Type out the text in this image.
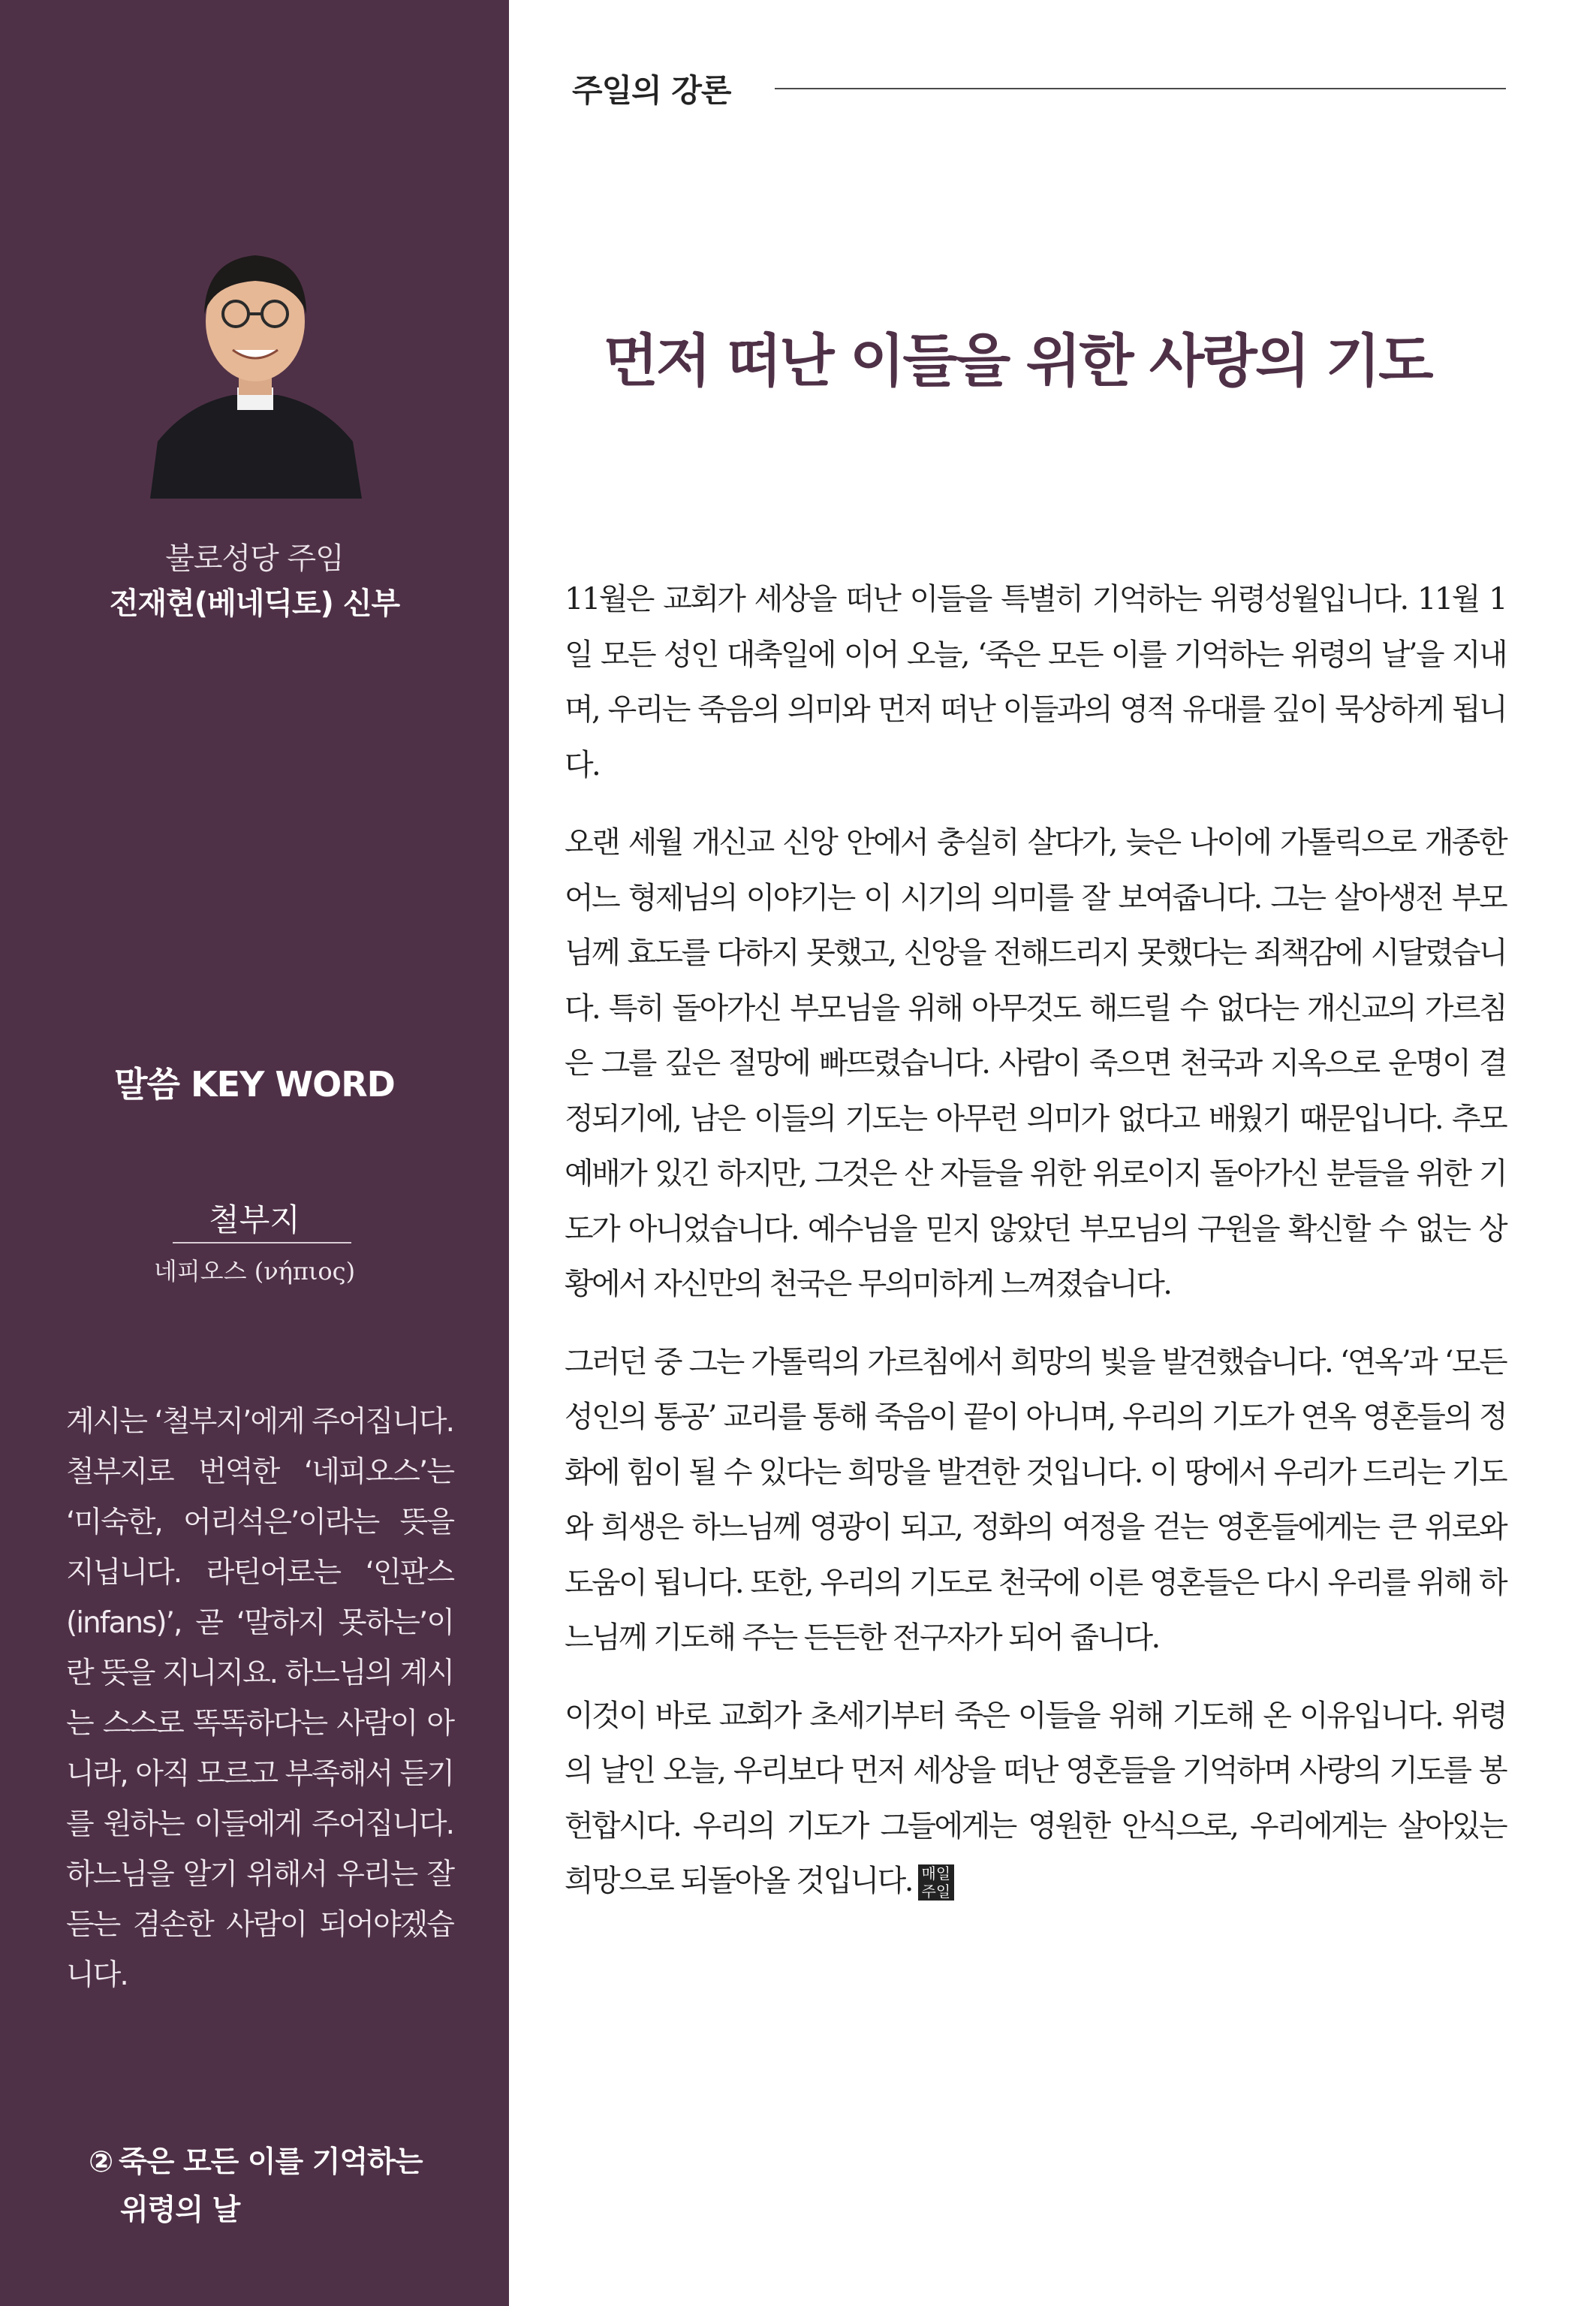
불로성당 주임
전재현(베네딕토) 신부
말씀 KEY WORD
철부지
네피오스 (νήπιος)
계시는 ‘철부지’에게 주어집니다. 철부지로 번역한 ‘네피오스’는 ‘미숙한, 어리석은’이라는 뜻을 지닙니다. 라틴어로는 ‘인판스(infans)’, 곧 ‘말하지 못하는’이란 뜻을 지니지요. 하느님의 계시는 스스로 똑똑하다는 사람이 아니라, 아직 모르고 부족해서 듣기를 원하는 이들에게 주어집니다. 하느님을 알기 위해서 우리는 잘 듣는 겸손한 사람이 되어야겠습니다.
② 죽은 모든 이를 기억하는
위령의 날
주일의 강론
먼저 떠난 이들을 위한 사랑의 기도

11월은 교회가 세상을 떠난 이들을 특별히 기억하는 위령성월입니다. 11월 1일 모든 성인 대축일에 이어 오늘, ‘죽은 모든 이를 기억하는 위령의 날’을 지내며, 우리는 죽음의 의미와 먼저 떠난 이들과의 영적 유대를 깊이 묵상하게 됩니다.

오랜 세월 개신교 신앙 안에서 충실히 살다가, 늦은 나이에 가톨릭으로 개종한 어느 형제님의 이야기는 이 시기의 의미를 잘 보여줍니다. 그는 살아생전 부모님께 효도를 다하지 못했고, 신앙을 전해드리지 못했다는 죄책감에 시달렸습니다. 특히 돌아가신 부모님을 위해 아무것도 해드릴 수 없다는 개신교의 가르침은 그를 깊은 절망에 빠뜨렸습니다. 사람이 죽으면 천국과 지옥으로 운명이 결정되기에, 남은 이들의 기도는 아무런 의미가 없다고 배웠기 때문입니다. 추모 예배가 있긴 하지만, 그것은 산 자들을 위한 위로이지 돌아가신 분들을 위한 기도가 아니었습니다. 예수님을 믿지 않았던 부모님의 구원을 확신할 수 없는 상황에서 자신만의 천국은 무의미하게 느껴졌습니다.

그러던 중 그는 가톨릭의 가르침에서 희망의 빛을 발견했습니다. ‘연옥’과 ‘모든 성인의 통공’ 교리를 통해 죽음이 끝이 아니며, 우리의 기도가 연옥 영혼들의 정화에 힘이 될 수 있다는 희망을 발견한 것입니다. 이 땅에서 우리가 드리는 기도와 희생은 하느님께 영광이 되고, 정화의 여정을 걷는 영혼들에게는 큰 위로와 도움이 됩니다. 또한, 우리의 기도로 천국에 이른 영혼들은 다시 우리를 위해 하느님께 기도해 주는 든든한 전구자가 되어 줍니다.

이것이 바로 교회가 초세기부터 죽은 이들을 위해 기도해 온 이유입니다. 위령의 날인 오늘, 우리보다 먼저 세상을 떠난 영혼들을 기억하며 사랑의 기도를 봉헌합시다. 우리의 기도가 그들에게는 영원한 안식으로, 우리에게는 살아있는 희망으로 되돌아올 것입니다. 매일 주일
